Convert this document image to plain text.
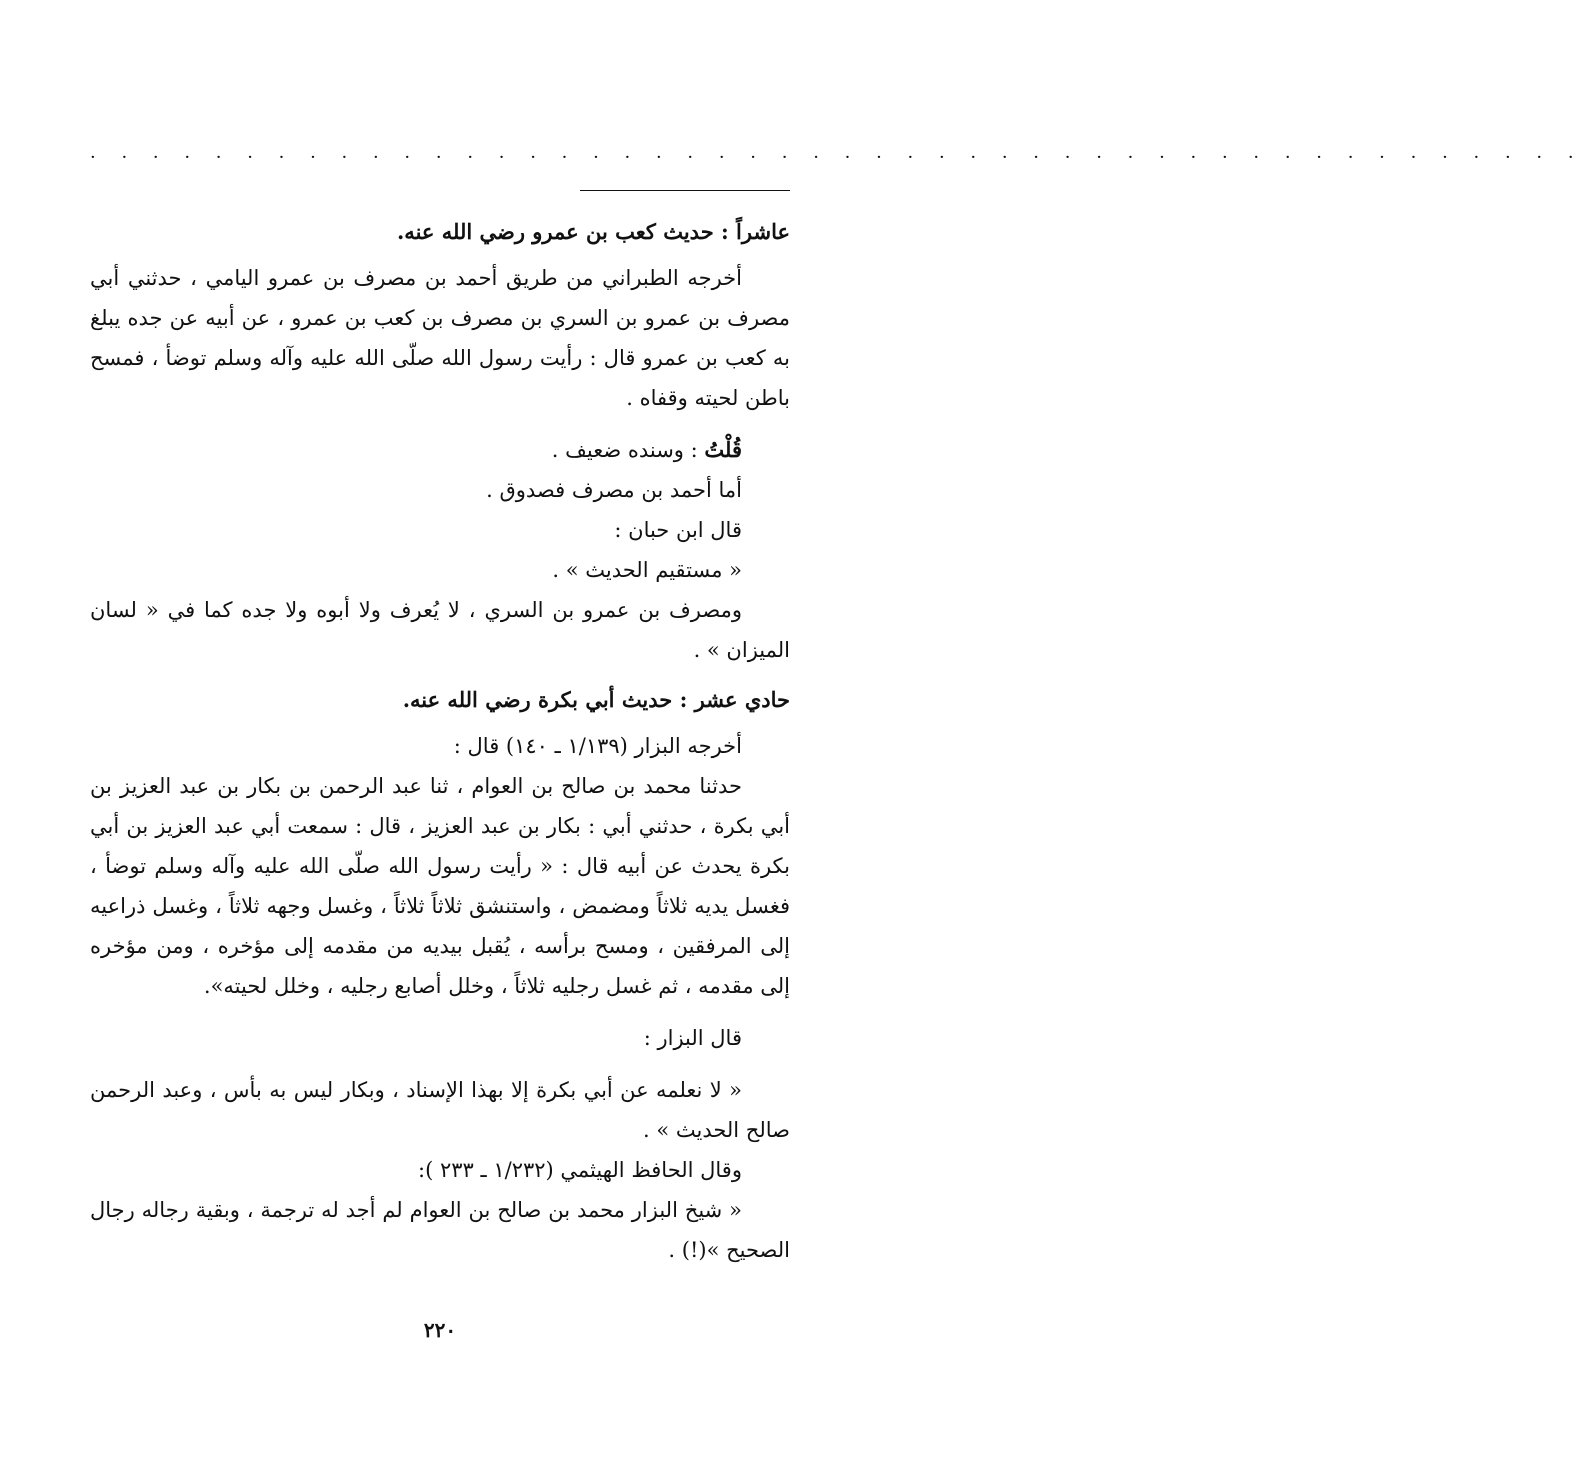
· · · · · · · · · · · · · · · · · · · · · · · · · · · · · · · · · · · · · · · · · · · · · · · ·

عاشراً : حديث كعب بن عمرو رضي الله عنه.

أخرجه الطبراني من طريق أحمد بن مصرف بن عمرو اليامي ، حدثني أبي مصرف بن عمرو بن السري بن مصرف بن كعب بن عمرو ، عن أبيه عن جده يبلغ به كعب بن عمرو قال : رأيت رسول الله صلّى الله عليه وآله وسلم توضأ ، فمسح باطن لحيته وقفاه .

قُلْتُ : وسنده ضعيف .

أما أحمد بن مصرف فصدوق .

قال ابن حبان :

« مستقيم الحديث » .

ومصرف بن عمرو بن السري ، لا يُعرف ولا أبوه ولا جده كما في « لسان الميزان » .

حادي عشر : حديث أبي بكرة رضي الله عنه.

أخرجه البزار (١/١٣٩ ـ ١٤٠) قال :

حدثنا محمد بن صالح بن العوام ، ثنا عبد الرحمن بن بكار بن عبد العزيز بن أبي بكرة ، حدثني أبي : بكار بن عبد العزيز ، قال : سمعت أبي عبد العزيز بن أبي بكرة يحدث عن أبيه قال : « رأيت رسول الله صلّى الله عليه وآله وسلم توضأ ، فغسل يديه ثلاثاً ومضمض ، واستنشق ثلاثاً ثلاثاً ، وغسل وجهه ثلاثاً ، وغسل ذراعيه إلى المرفقين ، ومسح برأسه ، يُقبل بيديه من مقدمه إلى مؤخره ، ومن مؤخره إلى مقدمه ، ثم غسل رجليه ثلاثاً ، وخلل أصابع رجليه ، وخلل لحيته».

قال البزار :

« لا نعلمه عن أبي بكرة إلا بهذا الإسناد ، وبكار ليس به بأس ، وعبد الرحمن صالح الحديث » .

وقال الحافظ الهيثمي (١/٢٣٢ ـ ٢٣٣ ):

« شيخ البزار محمد بن صالح بن العوام لم أجد له ترجمة ، وبقية رجاله رجال الصحيح »(!) .

٢٢٠
